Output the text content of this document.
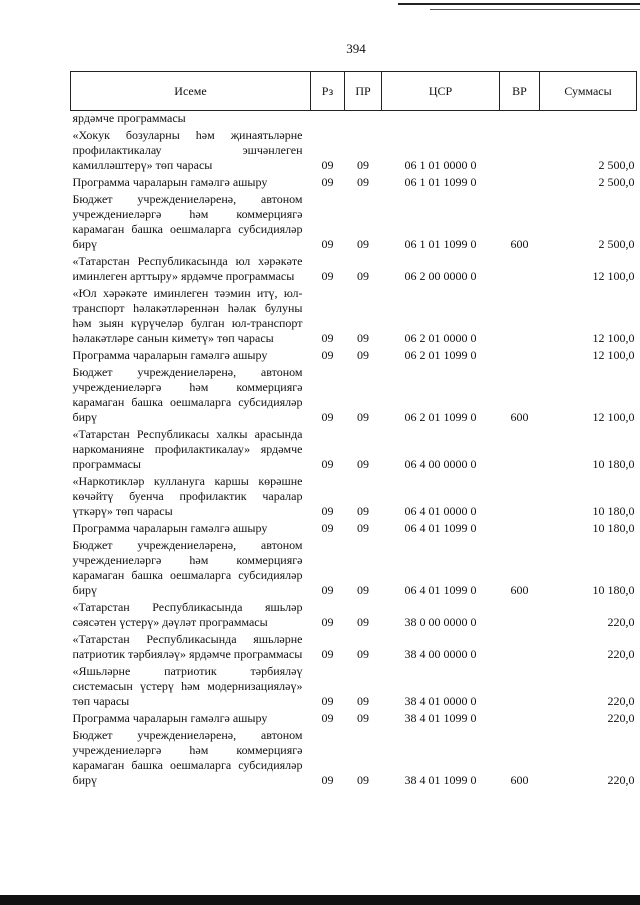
394
Исеме	Рз	ПР	ЦСР	ВР	Суммасы
ярдәмче программасы					
«Хокук бозуларны һәм җинаятьләрне профилактикалау эшчәнлеген камилләштерү» төп чарасы	09	09	06 1 01 0000 0		2 500,0
Программа чараларын гамәлгә ашыру	09	09	06 1 01 1099 0		2 500,0
Бюджет учреждениеләренә, автоном учреждениеләргә һәм коммерциягә карамаган башка оешмаларга субсидияләр бирү	09	09	06 1 01 1099 0	600	2 500,0
«Татарстан Республикасында юл хәрәкәте иминлеген арттыру» ярдәмче программасы	09	09	06 2 00 0000 0		12 100,0
«Юл хәрәкәте иминлеген тәэмин итү, юл-транспорт һәлакәтләреннән һәлак булуны һәм зыян күрүчеләр булган юл-транспорт һәлакәтләре санын киметү» төп чарасы	09	09	06 2 01 0000 0		12 100,0
Программа чараларын гамәлгә ашыру	09	09	06 2 01 1099 0		12 100,0
Бюджет учреждениеләренә, автоном учреждениеләргә һәм коммерциягә карамаган башка оешмаларга субсидияләр бирү	09	09	06 2 01 1099 0	600	12 100,0
«Татарстан Республикасы халкы арасында наркоманияне профилактикалау» ярдәмче программасы	09	09	06 4 00 0000 0		10 180,0
«Наркотикләр кулланугa каршы көрәшне көчәйтү буенча профилактик чаралар үткәрү» төп чарасы	09	09	06 4 01 0000 0		10 180,0
Программа чараларын гамәлгә ашыру	09	09	06 4 01 1099 0		10 180,0
Бюджет учреждениеләренә, автоном учреждениеләргә һәм коммерциягә карамаган башка оешмаларга субсидияләр бирү	09	09	06 4 01 1099 0	600	10 180,0
«Татарстан Республикасында яшьләр сәясәтен үстерү» дәүләт программасы	09	09	38 0 00 0000 0		220,0
«Татарстан Республикасында яшьләрне патриотик тәрбияләү» ярдәмче программасы	09	09	38 4 00 0000 0		220,0
«Яшьләрне патриотик тәрбияләү системасын үстерү һәм модернизацияләү» төп чарасы	09	09	38 4 01 0000 0		220,0
Программа чараларын гамәлгә ашыру	09	09	38 4 01 1099 0		220,0
Бюджет учреждениеләренә, автоном учреждениеләргә һәм коммерциягә карамаган башка оешмаларга субсидияләр бирү	09	09	38 4 01 1099 0	600	220,0
